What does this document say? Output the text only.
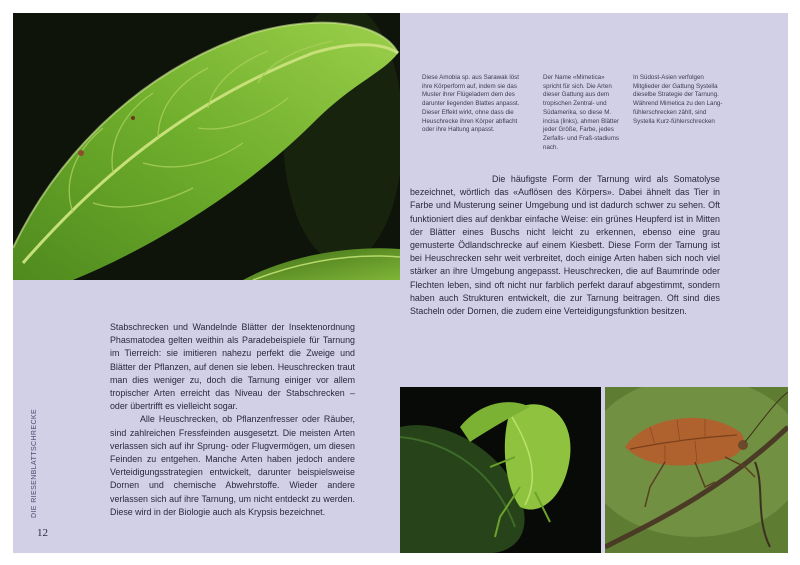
Diese Amobia sp. aus Sarawak löst ihre Körperform auf, indem sie das Muster ihrer Flügeladern dem des darunter liegenden Blattes anpasst. Dieser Effekt wirkt, ohne dass die Heuschrecke ihren Körper abflacht oder ihre Haltung anpasst.
Der Name «Mimetica» spricht für sich. Die Arten dieser Gattung aus dem tropischen Zentral- und Südamerika, so diese M. incisa (links), ahmen Blätter jeder Größe, Farbe, jedes Zerfalls- und Fraß-stadiums nach.
In Südost-Asien verfolgen Mitglieder der Gattung Systella dieselbe Strategie der Tarnung. Während Mimetica zu den Lang-fühlerschrecken zählt, sind Systella Kurz-fühlerschrecken

Die häufigste Form der Tarnung wird als Somatolyse bezeichnet, wörtlich das «Auflösen des Körpers». Dabei ähnelt das Tier in Farbe und Musterung seiner Umgebung und ist dadurch schwer zu sehen. Oft funktioniert dies auf denkbar einfache Weise: ein grünes Heupferd ist in Mitten der Blätter eines Buschs nicht leicht zu erkennen, ebenso eine grau gemusterte Ödlandschrecke auf einem Kiesbett. Diese Form der Tarnung ist bei Heuschrecken sehr weit verbreitet, doch einige Arten haben sich noch viel stärker an ihre Umgebung angepasst. Heuschrecken, die auf Baumrinde oder Flechten leben, sind oft nicht nur farblich perfekt darauf abgestimmt, sondern haben auch Strukturen entwickelt, die zur Tarnung beitragen. Oft sind dies Stacheln oder Dornen, die zudem eine Verteidigungsfunktion besitzen.

Stabschrecken und Wandelnde Blätter der Insektenordnung Phasmatodea gelten weithin als Paradebeispiele für Tarnung im Tierreich: sie imitieren nahezu perfekt die Zweige und Blätter der Pflanzen, auf denen sie leben. Heuschrecken traut man dies weniger zu, doch die Tarnung einiger vor allem tropischer Arten erreicht das Niveau der Stabschrecken – oder übertrifft es vielleicht sogar.

Alle Heuschrecken, ob Pflanzenfresser oder Räuber, sind zahlreichen Fressfeinden ausgesetzt. Die meisten Arten verlassen sich auf ihr Sprung- oder Flugvermögen, um diesen Feinden zu entgehen. Manche Arten haben jedoch andere Verteidigungsstrategien entwickelt, darunter beispielsweise Dornen und chemische Abwehrstoffe. Wieder andere verlassen sich auf ihre Tarnung, um nicht entdeckt zu werden. Diese wird in der Biologie auch als Krypsis bezeichnet.

DIE RIESENBLATTSCHRECKE
12
